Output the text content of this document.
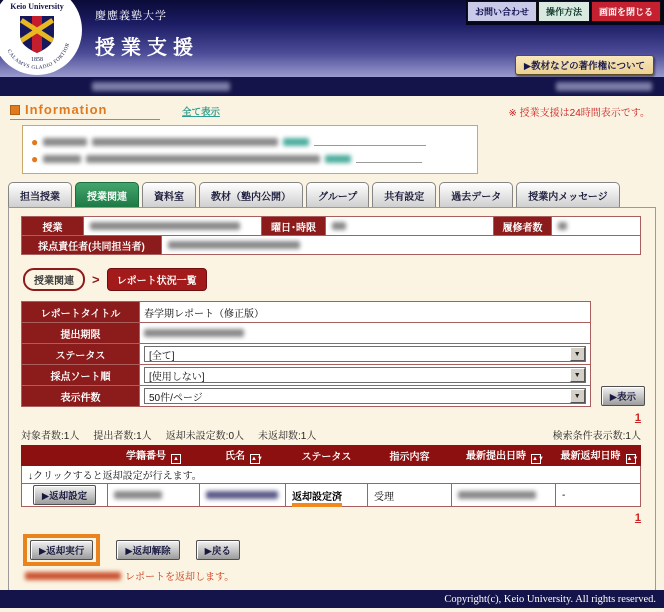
Keio University
1858
CALAMVS GLADIO FORTIOR
慶應義塾大学
授業支援
お問い合わせ	操作方法	画面を閉じる
▶教材などの著作権について
Information	全て表示	※ 授業支援は24時間表示です。
●
●
担当授業	授業関連	資料室	教材（塾内公開）	グループ	共有設定	過去データ	授業内メッセージ
授業		曜日･時限		履修者数	
採点責任者(共同担当者)	
授業関連	>	レポート状況一覧
レポートタイトル	春学期レポート（修正版）
提出期限	
ステータス	[全て] ▼

採点ソート順	[使用しない] ▼

表示件数	50件/ページ ▼	▶表示
1
対象者数:1人 提出者数:1人 返却未設定数:0人 未返却数:1人	検索条件表示数:1人
	学籍番号 ▲	氏名 ▲▼	ステータス	指示内容	最新提出日時 ▲▼	最新返却日時 ▲▼
↓クリックすると返却設定が行えます。						
▶返却設定			返却設定済	受理		-
1
▶返却実行	▶返却解除	▶戻る
レポートを返却します。
Copyright(c), Keio University. All rights reserved.
